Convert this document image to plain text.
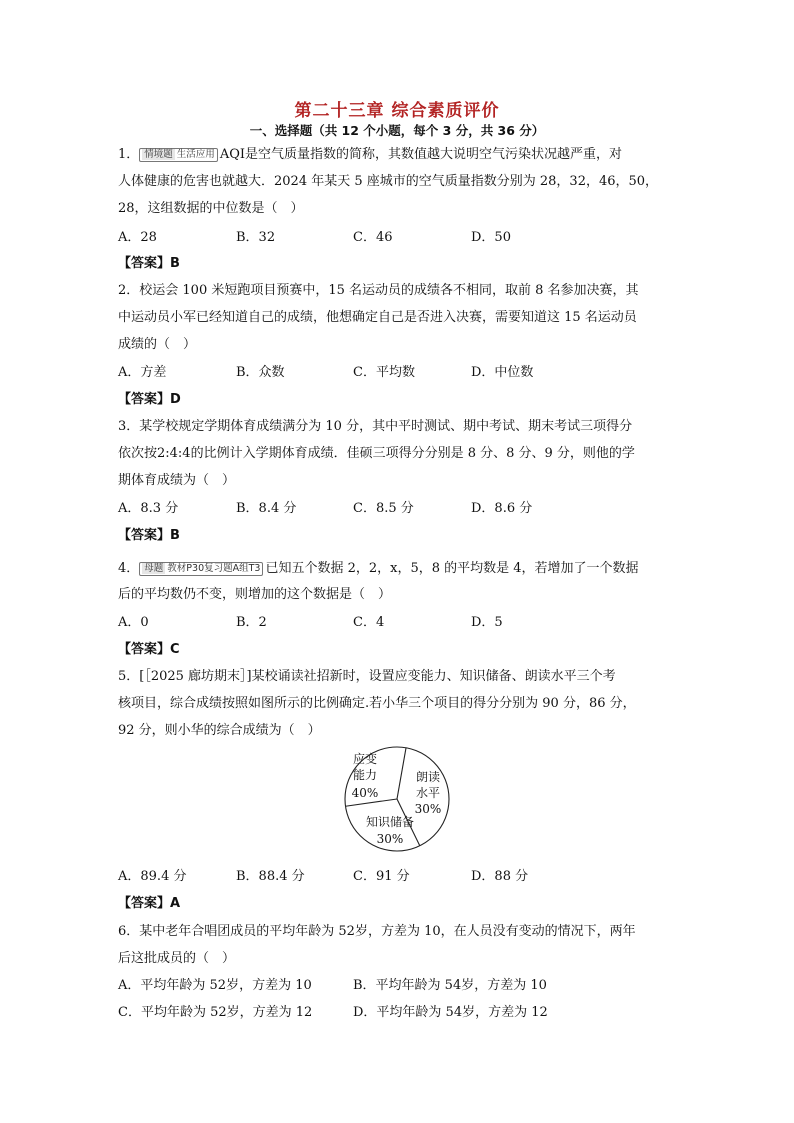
第二十三章 综合素质评价
一、选择题（共 12 个小题，每个 3 分，共 36 分）
1． 情境题 生活应用 AQI是空气质量指数的简称，其数值越大说明空气污染状况越严重，对
人体健康的危害也就越大．2024 年某天 5 座城市的空气质量指数分别为 28，32，46，50，
28，这组数据的中位数是（　）
A．28	B．32	C．46	D．50
【答案】B
2．校运会 100 米短跑项目预赛中，15 名运动员的成绩各不相同，取前 8 名参加决赛，其
中运动员小军已经知道自己的成绩，他想确定自己是否进入决赛，需要知道这 15 名运动员
成绩的（　）
A．方差	B．众数	C．平均数	D．中位数
【答案】D
3．某学校规定学期体育成绩满分为 10 分，其中平时测试、期中考试、期末考试三项得分
依次按2:4:4的比例计入学期体育成绩．佳硕三项得分分别是 8 分、8 分、9 分，则他的学
期体育成绩为（　）
A．8.3 分	B．8.4 分	C．8.5 分	D．8.6 分
【答案】B
4． 母题 教材P30复习题A组T3 已知五个数据 2，2，x，5，8 的平均数是 4，若增加了一个数据
后的平均数仍不变，则增加的这个数据是（　）
A．0	B．2	C．4	D．5
【答案】C
5．[［2025 廊坊期末］]某校诵读社招新时，设置应变能力、知识储备、朗读水平三个考
核项目，综合成绩按照如图所示的比例确定.若小华三个项目的得分分别为 90 分，86 分，
92 分，则小华的综合成绩为（　）
应变
能力
40%
朗读
水平
30%
知识储备
30%
A．89.4 分	B．88.4 分	C．91 分	D．88 分
【答案】A
6．某中老年合唱团成员的平均年龄为 52岁，方差为 10，在人员没有变动的情况下，两年
后这批成员的（　）
A．平均年龄为 52岁，方差为 10	B．平均年龄为 54岁，方差为 10
C．平均年龄为 52岁，方差为 12	D．平均年龄为 54岁，方差为 12
